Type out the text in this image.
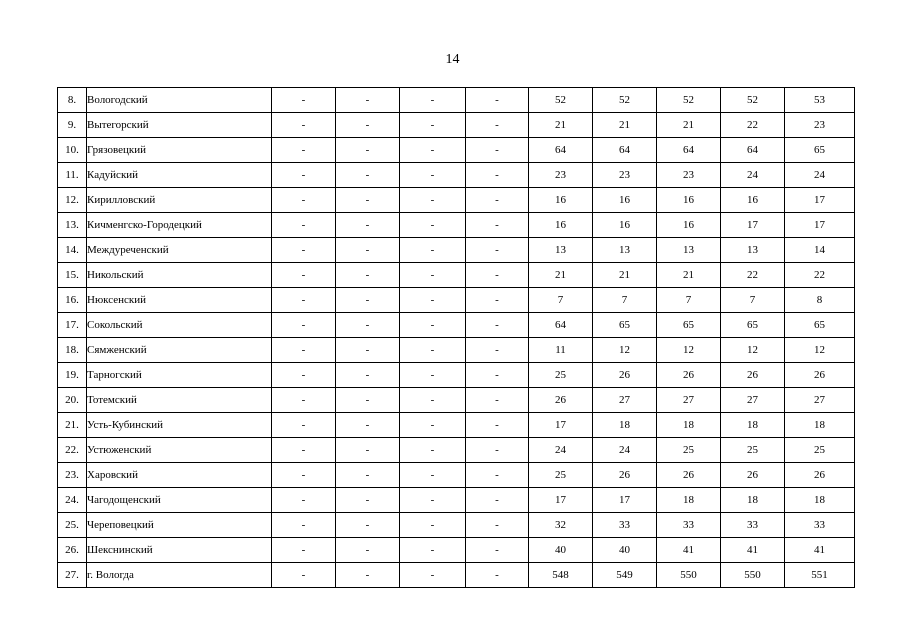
14
8.	Вологодский	-	-	-	-	52	52	52	52	53
9.	Вытегорский	-	-	-	-	21	21	21	22	23
10.	Грязовецкий	-	-	-	-	64	64	64	64	65
11.	Кадуйский	-	-	-	-	23	23	23	24	24
12.	Кирилловский	-	-	-	-	16	16	16	16	17
13.	Кичменгско-Городецкий	-	-	-	-	16	16	16	17	17
14.	Междуреченский	-	-	-	-	13	13	13	13	14
15.	Никольский	-	-	-	-	21	21	21	22	22
16.	Нюксенский	-	-	-	-	7	7	7	7	8
17.	Сокольский	-	-	-	-	64	65	65	65	65
18.	Сямженский	-	-	-	-	11	12	12	12	12
19.	Тарногский	-	-	-	-	25	26	26	26	26
20.	Тотемский	-	-	-	-	26	27	27	27	27
21.	Усть-Кубинский	-	-	-	-	17	18	18	18	18
22.	Устюженский	-	-	-	-	24	24	25	25	25
23.	Харовский	-	-	-	-	25	26	26	26	26
24.	Чагодощенский	-	-	-	-	17	17	18	18	18
25.	Череповецкий	-	-	-	-	32	33	33	33	33
26.	Шекснинский	-	-	-	-	40	40	41	41	41
27.	г. Вологда	-	-	-	-	548	549	550	550	551
